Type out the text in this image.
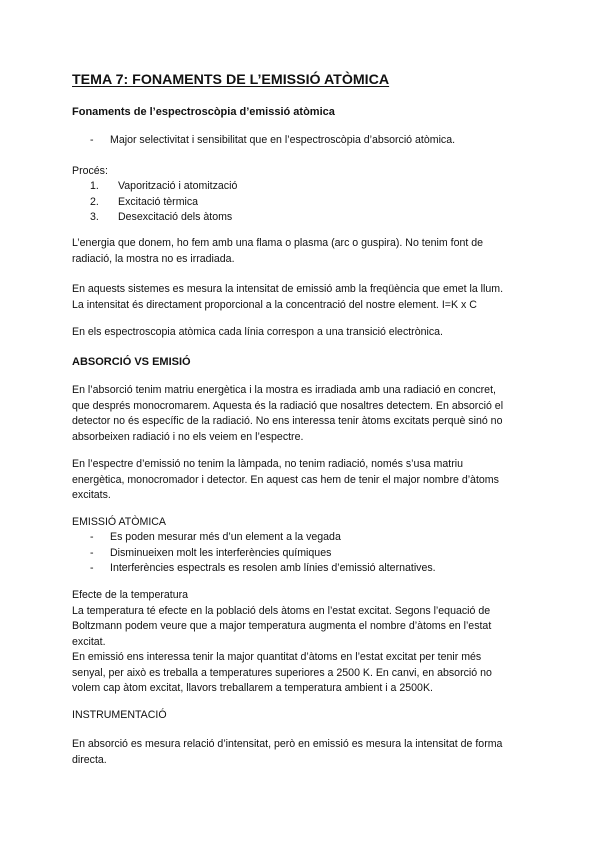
TEMA 7: FONAMENTS DE L’EMISSIÓ ATÒMICA
Fonaments de l’espectroscòpia d’emissió atòmica
-	Major selectivitat i sensibilitat que en l’espectroscòpia d’absorció atòmica.
Procés:
1.	Vaporització i atomització
2.	Excitació tèrmica
3.	Desexcitació dels àtoms

L’energia que donem, ho fem amb una flama o plasma (arc o guspira). No tenim font de

radiació, la mostra no es irradiada.

En aquests sistemes es mesura la intensitat de emissió amb la freqüència que emet la llum.

La intensitat és directament proporcional a la concentració del nostre element. I=K x C

En els espectroscopia atòmica cada línia correspon a una transició electrònica.

ABSORCIÓ VS EMISIÓ

En l’absorció tenim matriu energètica i la mostra es irradiada amb una radiació en concret,

que després monocromarem. Aquesta és la radiació que nosaltres detectem. En absorció el

detector no és específic de la radiació. No ens interessa tenir àtoms excitats perquè sinó no

absorbeixen radiació i no els veiem en l’espectre.

En l’espectre d’emissió no tenim la làmpada, no tenim radiació, només s’usa matriu

energètica, monocromador i detector. En aquest cas hem de tenir el major nombre d’àtoms

excitats.

EMISSIÓ ATÒMICA
-	Es poden mesurar més d’un element a la vegada
-	Disminueixen molt les interferències químiques
-	Interferències espectrals es resolen amb línies d’emissió alternatives.

Efecte de la temperatura

La temperatura té efecte en la població dels àtoms en l’estat excitat. Segons l’equació de

Boltzmann podem veure que a major temperatura augmenta el nombre d’àtoms en l’estat

excitat.

En emissió ens interessa tenir la major quantitat d’àtoms en l’estat excitat per tenir més

senyal, per això es treballa a temperatures superiores a 2500 K. En canvi, en absorció no

volem cap àtom excitat, llavors treballarem a temperatura ambient i a 2500K.

INSTRUMENTACIÓ

En absorció es mesura relació d’intensitat, però en emissió es mesura la intensitat de forma

directa.
